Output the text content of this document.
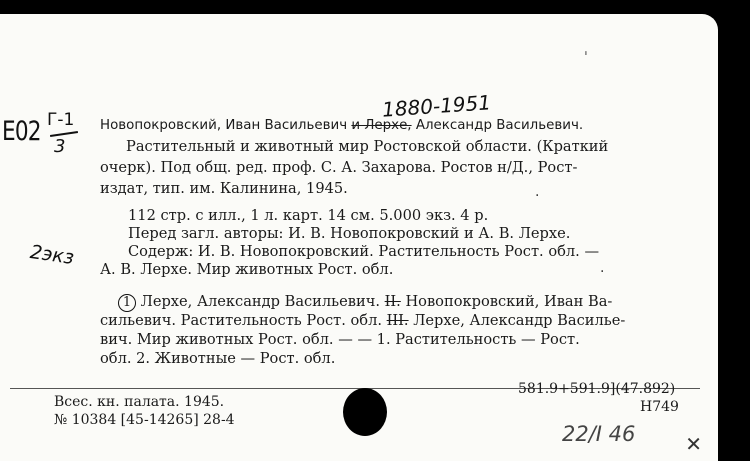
E02 Г-1
3
1880-1951
2экз
Новопокровский, Иван Васильевич и Лерхе, Александр Васильевич.
Растительный и животный мир Ростовской области. (Краткий
очерк). Под общ. ред. проф. С. А. Захарова. Ростов н/Д., Рост-
издат, тип. им. Калинина, 1945.
112 стр. с илл., 1 л. карт. 14 см. 5.000 экз. 4 р.
Перед загл. авторы: И. В. Новопокровский и А. В. Лерхе.
Содерж: И. В. Новопокровский. Растительность Рост. обл. —
А. В. Лерхе. Мир животных Рост. обл.
1 Лерхе, Александр Васильевич. II. Новопокровский, Иван Ва-
сильевич. Растительность Рост. обл. III. Лерхе, Александр Василье-
вич. Мир животных Рост. обл. — — 1. Растительность — Рост.
обл. 2. Животные — Рост. обл.
Всес. кн. палата. 1945.
№ 10384 [45-14265] 28-4
581.9+591.9](47.892)
Н749
22/I 46 ✕
ˈ
·
·
